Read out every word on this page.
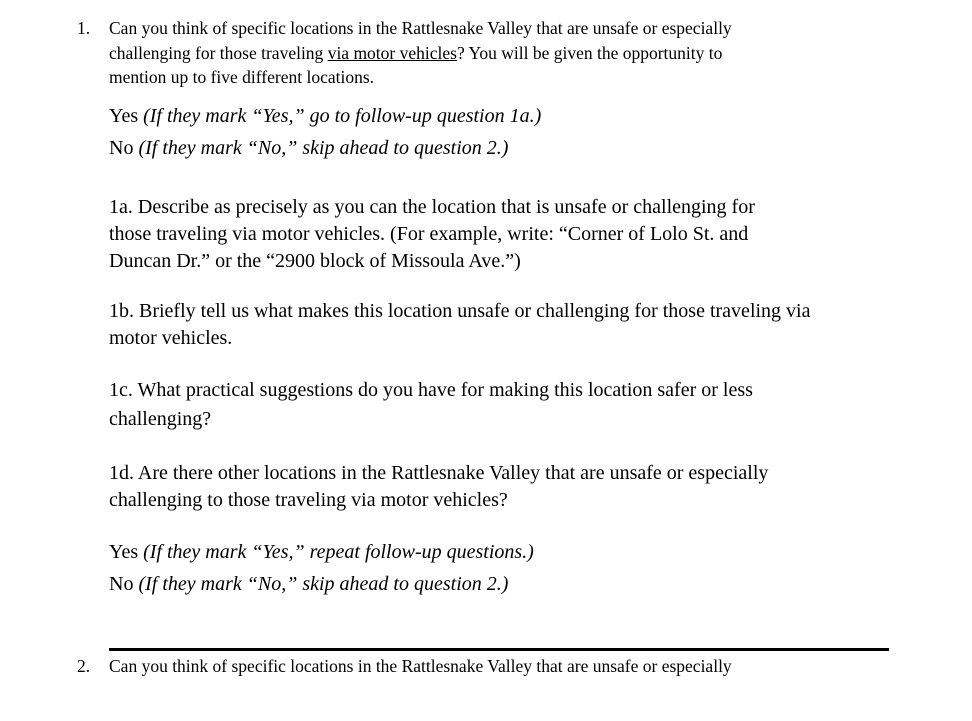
1. Can you think of specific locations in the Rattlesnake Valley that are unsafe or especially
challenging for those traveling via motor vehicles? You will be given the opportunity to
mention up to five different locations.
Yes (If they mark “Yes,” go to follow-up question 1a.)
No (If they mark “No,” skip ahead to question 2.)
1a. Describe as precisely as you can the location that is unsafe or challenging for
those traveling via motor vehicles. (For example, write: “Corner of Lolo St. and
Duncan Dr.” or the “2900 block of Missoula Ave.”)
1b. Briefly tell us what makes this location unsafe or challenging for those traveling via
motor vehicles.
1c. What practical suggestions do you have for making this location safer or less
challenging?
1d. Are there other locations in the Rattlesnake Valley that are unsafe or especially
challenging to those traveling via motor vehicles?
Yes (If they mark “Yes,” repeat follow-up questions.)
No (If they mark “No,” skip ahead to question 2.)
2. Can you think of specific locations in the Rattlesnake Valley that are unsafe or especially
